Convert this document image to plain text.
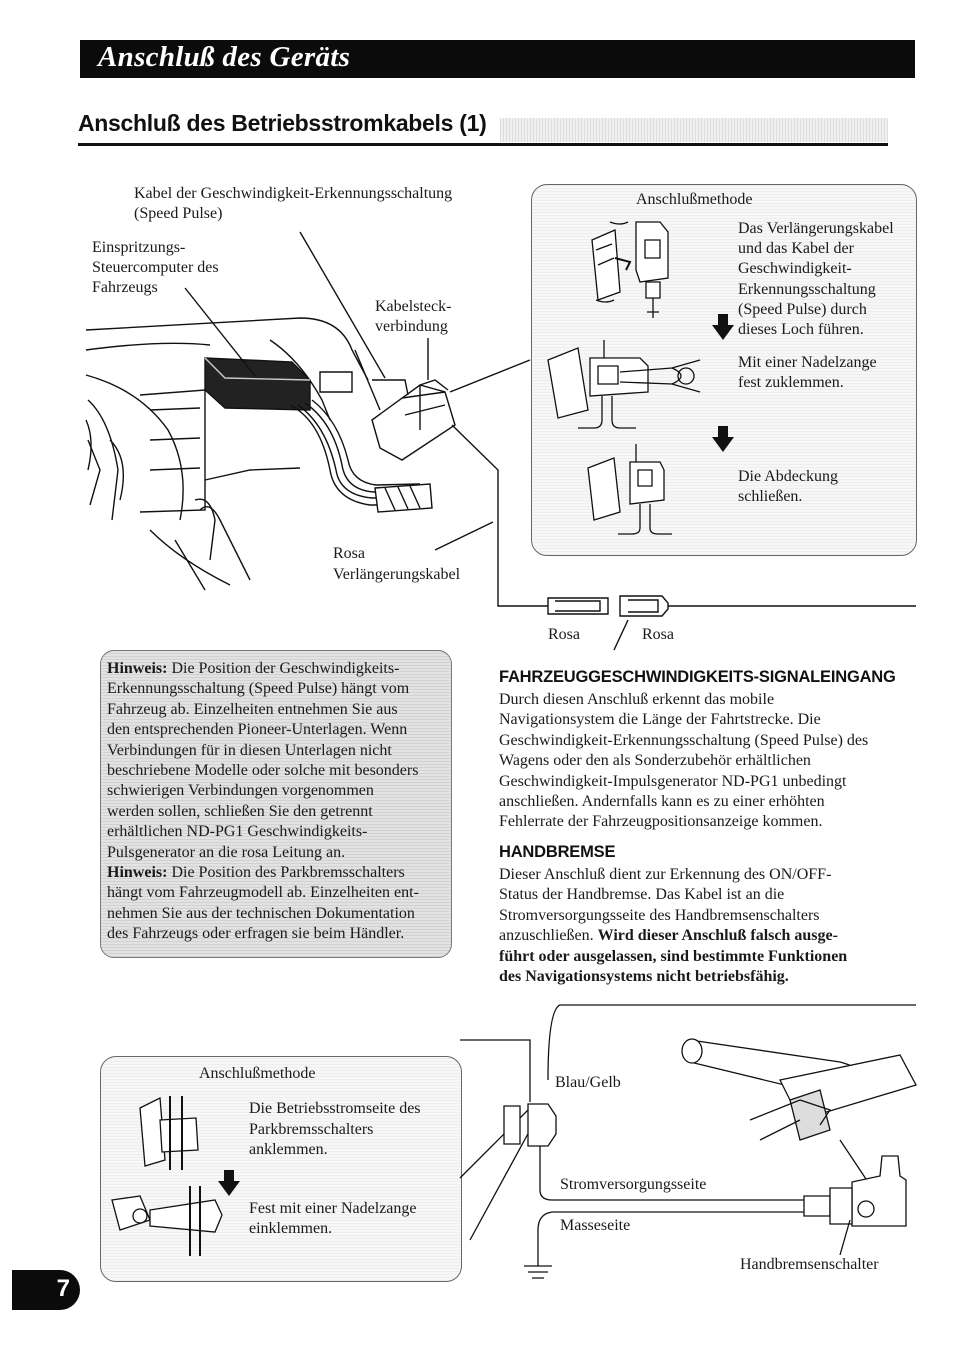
Anschluß des Geräts
Anschluß des Betriebsstromkabels (1)
Kabel der Geschwindigkeit-Erkennungsschaltung
(Speed Pulse)
Einspritzungs-
Steuercomputer des
Fahrzeugs
Kabelsteck-
verbindung
Rosa
Verlängerungskabel
Rosa	Rosa
Anschlußmethode
Das Verlängerungskabel
und das Kabel der
Geschwindigkeit-
Erkennungsschaltung
(Speed Pulse) durch
dieses Loch führen.
Mit einer Nadelzange
fest zuklemmen.
Die Abdeckung
schließen.
Hinweis: Die Position der Geschwindigkeits-
Erkennungsschaltung (Speed Pulse) hängt vom
Fahrzeug ab. Einzelheiten entnehmen Sie aus
den entsprechenden Pioneer-Unterlagen. Wenn
Verbindungen für in diesen Unterlagen nicht
beschriebene Modelle oder solche mit besonders
schwierigen Verbindungen vorgenommen
werden sollen, schließen Sie den getrennt
erhältlichen ND-PG1 Geschwindigkeits-
Pulsgenerator an die rosa Leitung an.
Hinweis: Die Position des Parkbremsschalters
hängt vom Fahrzeugmodell ab. Einzelheiten ent-
nehmen Sie aus der technischen Dokumentation
des Fahrzeugs oder erfragen sie beim Händler.
FAHRZEUGGESCHWINDIGKEITS-SIGNALEINGANG
Durch diesen Anschluß erkennt das mobile
Navigationsystem die Länge der Fahrtstrecke. Die
Geschwindigkeit-Erkennungsschaltung (Speed Pulse) des
Wagens oder den als Sonderzubehör erhältlichen
Geschwindigkeit-Impulsgenerator ND-PG1 unbedingt
anschließen. Andernfalls kann es zu einer erhöhten
Fehlerrate der Fahrzeugpositionsanzeige kommen.
HANDBREMSE
Dieser Anschluß dient zur Erkennung des ON/OFF-
Status der Handbremse. Das Kabel ist an die
Stromversorgungsseite des Handbremsenschalters
anzuschließen. Wird dieser Anschluß falsch ausge-
führt oder ausgelassen, sind bestimmte Funktionen
des Navigationsystems nicht betriebsfähig.
Anschlußmethode
Die Betriebsstromseite des
Parkbremsschalters
anklemmen.
Fest mit einer Nadelzange
einklemmen.
Blau/Gelb
Stromversorgungsseite
Masseseite
Handbremsenschalter
7
